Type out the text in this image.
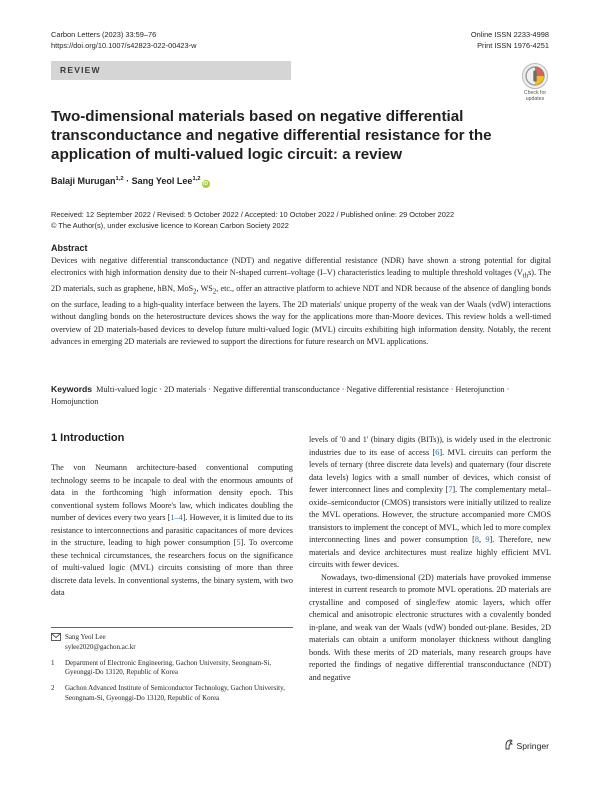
Carbon Letters (2023) 33:59–76
https://doi.org/10.1007/s42823-022-00423-w
Online ISSN 2233-4998
Print ISSN 1976-4251
REVIEW
Check for
updates
Two-dimensional materials based on negative differential transconductance and negative differential resistance for the application of multi-valued logic circuit: a review
Balaji Murugan$^{1,2}$ · Sang Yeol Lee$^{1,2}$iD
Received: 12 September 2022 / Revised: 5 October 2022 / Accepted: 10 October 2022 / Published online: 29 October 2022
© The Author(s), under exclusive licence to Korean Carbon Society 2022
Abstract

Devices with negative differential transconductance (NDT) and negative differential resistance (NDR) have shown a strong potential for digital electronics with high information density due to their N-shaped current–voltage (I–V) characteristics leading to multiple threshold voltages $(V_{th}s)$. The 2D materials, such as graphene, hBN, MoS$_2$, $WS_2$, etc., offer an attractive platform to achieve NDT and NDR because of the absence of dangling bonds on the surface, leading to a high-quality interface between the layers. The 2D materials' unique property of the weak van der Waals (vdW) interactions without dangling bonds on the heterostructure devices shows the way for the applications more than-Moore devices. This review holds a well-timed overview of 2D materials-based devices to develop future multi-valued logic (MVL) circuits exhibiting high information density. Notably, the recent advances in emerging 2D materials are reviewed to support the directions for future research on MVL applications.

Keywords Multi-valued logic · 2D materials · Negative differential transconductance · Negative differential resistance · Heterojunction · Homojunction
1 Introduction

The von Neumann architecture-based conventional computing technology seems to be incapale to deal with the enormous amounts of data in the forthcoming 'high information density epoch. This conventional system follows Moore's law, which indicates doubling the number of devices every two years [1–4]. However, it is limited due to its resistance to interconnections and parasitic capacitances of more devices in the structure, leading to high power consumption [5]. To overcome these technical circumstances, the researchers focus on the significance of multi-valued logic (MVL) circuits consisting of more than three discrete data levels. In conventional systems, the binary system, with two data

levels of '0 and 1' (binary digits (BITs)), is widely used in the electronic industries due to its ease of access [6]. MVL circuits can perform the levels of ternary (three discrete data levels) and quaternary (four discrete data levels) logics with a small number of devices, which consist of fewer interconnect lines and complexity [7]. The complementary metal–oxide–semiconductor (CMOS) transistors were initially utilized to realize the MVL operations. However, the structure accompanied more CMOS transistors to implement the concept of MVL, which led to more complex interconnecting lines and power consumption [8, 9]. Therefore, new materials and device architectures must realize highly efficient MVL circuits with fewer devices.

Nowadays, two-dimensional (2D) materials have provoked immense interest in current research to promote MVL operations. 2D materials are crystalline and composed of single/few atomic layers, which offer chemical and anisotropic electronic structures with a covalently bonded in-plane, and weak van der Waals (vdW) bonded out-plane. Besides, 2D materials can obtain a uniform monolayer thickness without dangling bonds. With these merits of 2D materials, many research groups have reported the findings of negative differential transconductance (NDT) and negative

Sang Yeol Lee
sylee2020@gachon.ac.kr
1	Department of Electronic Engineering, Gachon University, Seongnam-Si, Gyeonggi-Do 13120, Republic of Korea
2	Gachon Advanced Institute of Semiconductor Technology, Gachon University, Seongnam-Si, Gyeonggi-Do 13120, Republic of Korea
Springer
